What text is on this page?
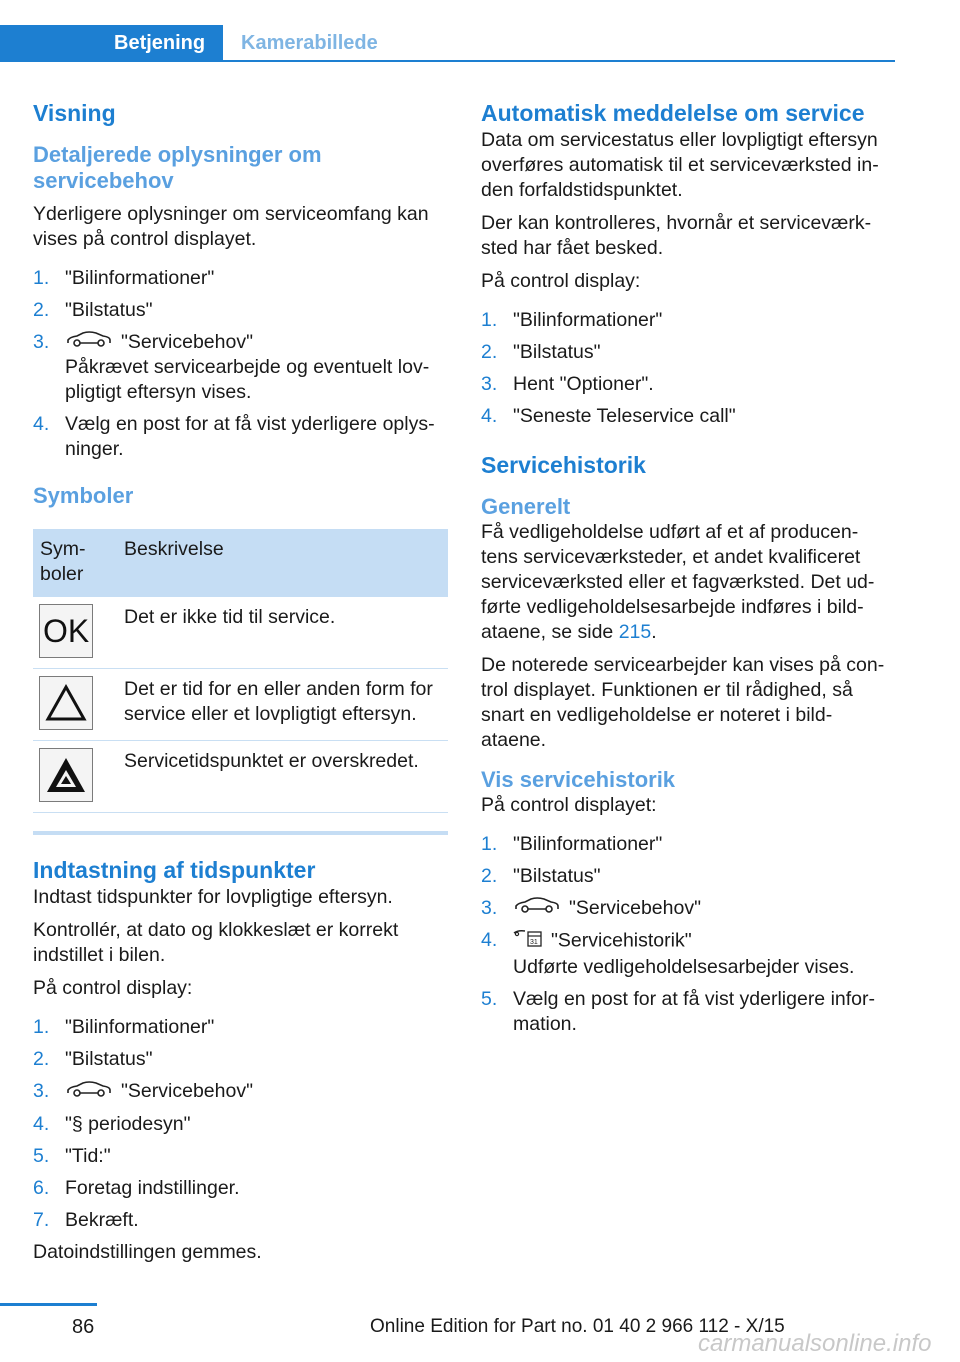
Betjening	Kamerabillede
Visning
Detaljerede oplysninger om servicebehov

Yderligere oplysninger om serviceomfang kan vises på control displayet.

1. "Bilinformationer"
2. "Bilstatus"
3.	"Servicebehov"
Påkrævet servicearbejde og eventuelt lov-pligtigt eftersyn vises.
4. Vælg en post for at få vist yderligere oplys-ninger.
Symboler
Sym-boler	Beskrivelse

OK	Det er ikke tid til service.

	Det er tid for en eller anden form for service eller et lovpligtigt eftersyn.

	Servicetidspunktet er overskredet.
Indtastning af tidspunkter

Indtast tidspunkter for lovpligtige eftersyn.

Kontrollér, at dato og klokkeslæt er korrekt indstillet i bilen.

På control display:

1. "Bilinformationer"
2. "Bilstatus"
3.	"Servicebehov"
4. "§ periodesyn"
5. "Tid:"
6. Foretag indstillinger.
7. Bekræft.

Datoindstillingen gemmes.

Automatisk meddelelse om service

Data om servicestatus eller lovpligtigt eftersyn overføres automatisk til et serviceværksted in-den forfaldstidspunktet.

Der kan kontrolleres, hvornår et serviceværk-sted har fået besked.

På control display:

1. "Bilinformationer"
2. "Bilstatus"
3. Hent "Optioner".
4. "Seneste Teleservice call"
Servicehistorik
Generelt

Få vedligeholdelse udført af et af producen-tens serviceværksteder, et andet kvalificeret serviceværksted eller et fagværksted. Det ud-førte vedligeholdelsesarbejde indføres i bild-ataene, se side 215.

De noterede servicearbejder kan vises på con-trol displayet. Funktionen er til rådighed, så snart en vedligeholdelse er noteret i bild-ataene.

Vis servicehistorik

På control displayet:

1. "Bilinformationer"
2. "Bilstatus"
3.	"Servicebehov"
4.	31 "Servicehistorik"
Udførte vedligeholdelsesarbejder vises.
5. Vælg en post for at få vist yderligere infor-mation.
86	Online Edition for Part no. 01 40 2 966 112 - X/15
carmanualsonline.info
